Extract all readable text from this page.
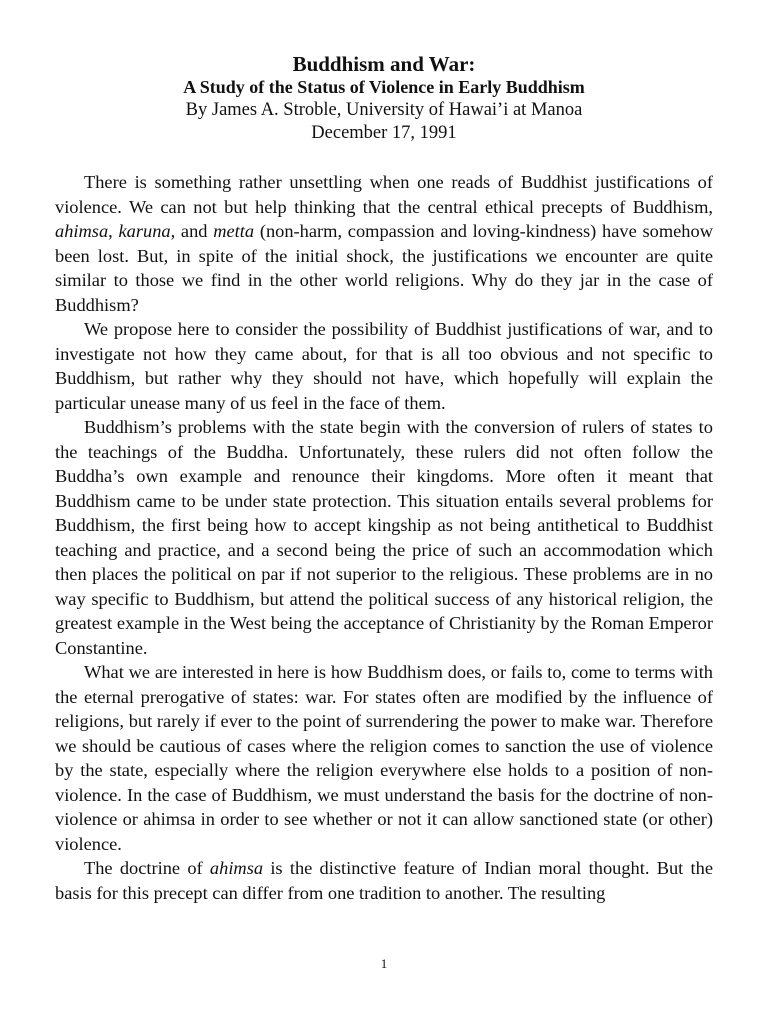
Buddhism and War:

A Study of the Status of Violence in Early Buddhism

By James A. Stroble, University of Hawai’i at Manoa

December 17, 1991

There is something rather unsettling when one reads of Buddhist justifications of violence. We can not but help thinking that the central ethical precepts of Buddhism, ahimsa, karuna, and metta (non-harm, compassion and loving-kindness) have somehow been lost. But, in spite of the initial shock, the justifications we encounter are quite similar to those we find in the other world religions. Why do they jar in the case of Buddhism?

We propose here to consider the possibility of Buddhist justifications of war, and to investigate not how they came about, for that is all too obvious and not specific to Buddhism, but rather why they should not have, which hopefully will explain the particular unease many of us feel in the face of them.

Buddhism’s problems with the state begin with the conversion of rulers of states to the teachings of the Buddha. Unfortunately, these rulers did not often follow the Buddha’s own example and renounce their kingdoms. More often it meant that Buddhism came to be under state protection. This situation entails several problems for Buddhism, the first being how to accept kingship as not being antithetical to Buddhist teaching and practice, and a second being the price of such an accommodation which then places the political on par if not superior to the religious. These problems are in no way specific to Buddhism, but attend the political success of any historical religion, the greatest example in the West being the acceptance of Christianity by the Roman Emperor Constantine.

What we are interested in here is how Buddhism does, or fails to, come to terms with the eternal prerogative of states: war. For states often are modified by the influence of religions, but rarely if ever to the point of surrendering the power to make war. Therefore we should be cautious of cases where the religion comes to sanction the use of violence by the state, especially where the religion everywhere else holds to a position of non-violence. In the case of Buddhism, we must understand the basis for the doctrine of non-violence or ahimsa in order to see whether or not it can allow sanctioned state (or other) violence.

The doctrine of ahimsa is the distinctive feature of Indian moral thought. But the basis for this precept can differ from one tradition to another. The resulting

1
